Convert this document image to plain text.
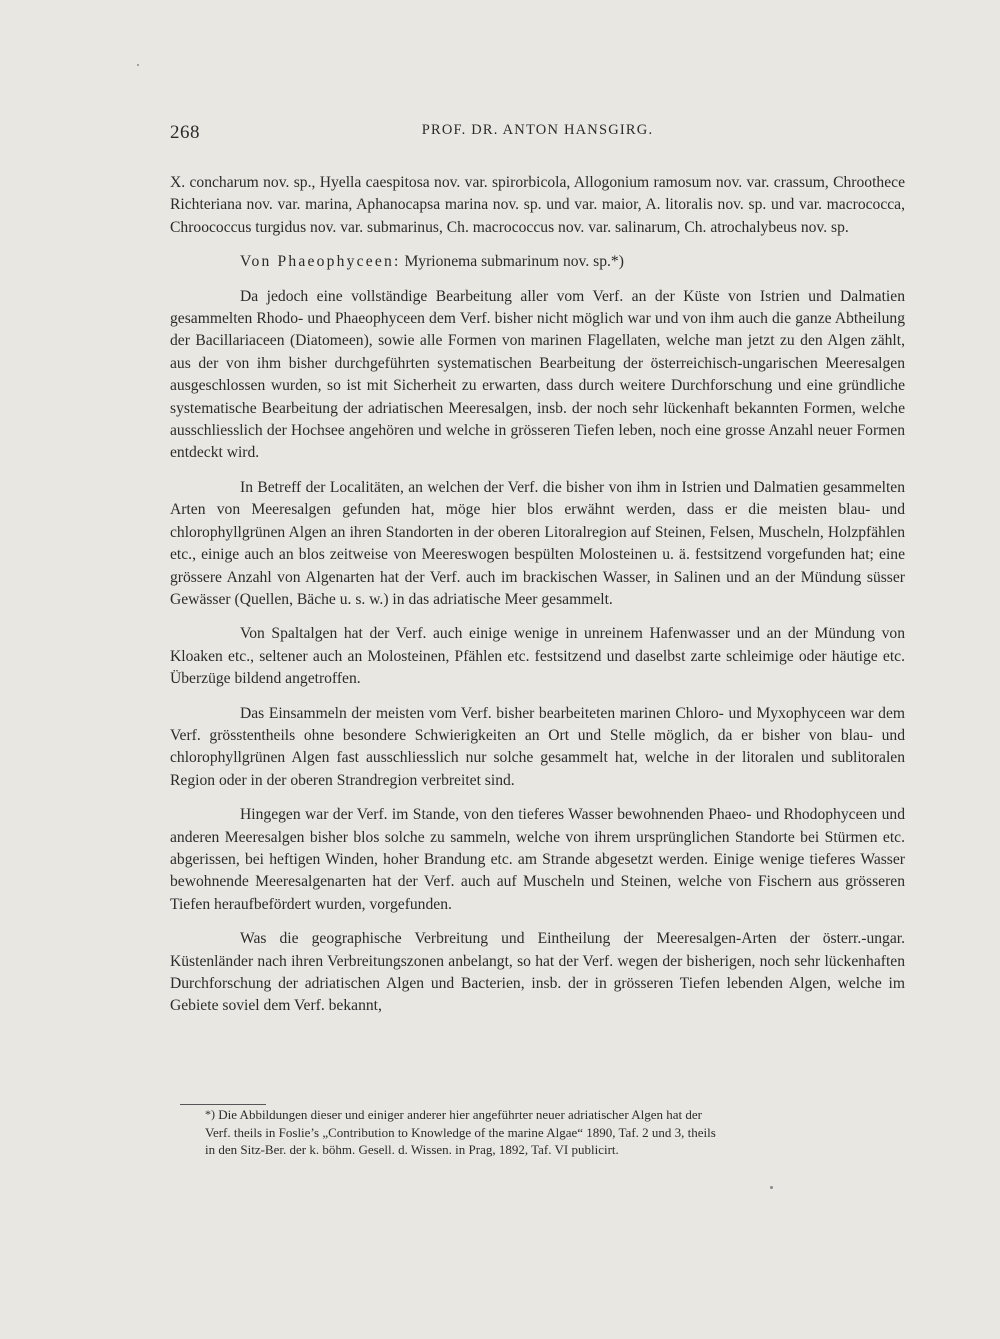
268	PROF. DR. ANTON HANSGIRG.

X. concharum nov. sp., Hyella caespitosa nov. var. spirorbicola, Allogonium ramosum nov. var. crassum, Chroothece Richteriana nov. var. marina, Aphanocapsa marina nov. sp. und var. maior, A. litoralis nov. sp. und var. macrococca, Chroococcus turgidus nov. var. submarinus, Ch. macrococcus nov. var. salinarum, Ch. atrochalybeus nov. sp.

Von Phaeophyceen: Myrionema submarinum nov. sp.*)

Da jedoch eine vollständige Bearbeitung aller vom Verf. an der Küste von Istrien und Dalmatien gesammelten Rhodo- und Phaeophyceen dem Verf. bisher nicht möglich war und von ihm auch die ganze Abtheilung der Bacillariaceen (Diatomeen), sowie alle Formen von marinen Flagellaten, welche man jetzt zu den Algen zählt, aus der von ihm bisher durchgeführten systematischen Bearbeitung der österreichisch-ungarischen Meeresalgen ausgeschlossen wurden, so ist mit Sicherheit zu erwarten, dass durch weitere Durchforschung und eine gründliche systematische Bearbeitung der adriatischen Meeresalgen, insb. der noch sehr lückenhaft bekannten Formen, welche ausschliesslich der Hochsee angehören und welche in grösseren Tiefen leben, noch eine grosse Anzahl neuer Formen entdeckt wird.

In Betreff der Localitäten, an welchen der Verf. die bisher von ihm in Istrien und Dalmatien gesammelten Arten von Meeresalgen gefunden hat, möge hier blos erwähnt werden, dass er die meisten blau- und chlorophyllgrünen Algen an ihren Standorten in der oberen Litoralregion auf Steinen, Felsen, Muscheln, Holzpfählen etc., einige auch an blos zeitweise von Meereswogen bespülten Molosteinen u. ä. festsitzend vorgefunden hat; eine grössere Anzahl von Algenarten hat der Verf. auch im brackischen Wasser, in Salinen und an der Mündung süsser Gewässer (Quellen, Bäche u. s. w.) in das adriatische Meer gesammelt.

Von Spaltalgen hat der Verf. auch einige wenige in unreinem Hafenwasser und an der Mündung von Kloaken etc., seltener auch an Molosteinen, Pfählen etc. festsitzend und daselbst zarte schleimige oder häutige etc. Überzüge bildend angetroffen.

Das Einsammeln der meisten vom Verf. bisher bearbeiteten marinen Chloro- und Myxophyceen war dem Verf. grösstentheils ohne besondere Schwierigkeiten an Ort und Stelle möglich, da er bisher von blau- und chlorophyllgrünen Algen fast ausschliesslich nur solche gesammelt hat, welche in der litoralen und sublitoralen Region oder in der oberen Strandregion verbreitet sind.

Hingegen war der Verf. im Stande, von den tieferes Wasser bewohnenden Phaeo- und Rhodophyceen und anderen Meeresalgen bisher blos solche zu sammeln, welche von ihrem ursprünglichen Standorte bei Stürmen etc. abgerissen, bei heftigen Winden, hoher Brandung etc. am Strande abgesetzt werden. Einige wenige tieferes Wasser bewohnende Meeresalgenarten hat der Verf. auch auf Muscheln und Steinen, welche von Fischern aus grösseren Tiefen heraufbefördert wurden, vorgefunden.

Was die geographische Verbreitung und Eintheilung der Meeresalgen-Arten der österr.-ungar. Küstenländer nach ihren Verbreitungszonen anbelangt, so hat der Verf. wegen der bisherigen, noch sehr lückenhaften Durchforschung der adriatischen Algen und Bacterien, insb. der in grösseren Tiefen lebenden Algen, welche im Gebiete soviel dem Verf. bekannt,

*) Die Abbildungen dieser und einiger anderer hier angeführter neuer adriatischer Algen hat der
Verf. theils in Foslie’s „Contribution to Knowledge of the marine Algae“ 1890, Taf. 2 und 3, theils
in den Sitz-Ber. der k. böhm. Gesell. d. Wissen. in Prag, 1892, Taf. VI publicirt.
